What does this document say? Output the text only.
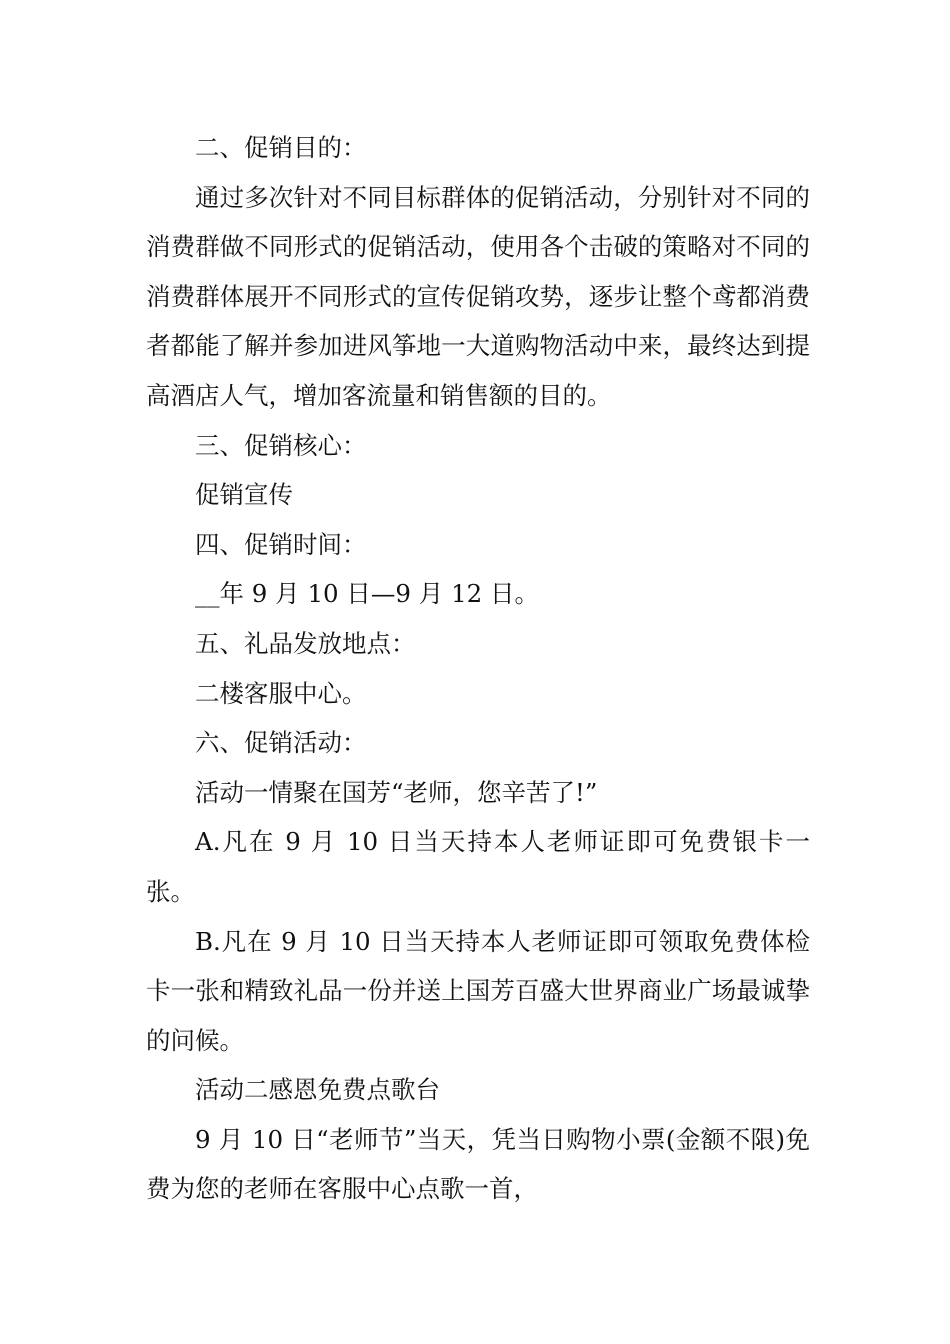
二、促销目的：

通过多次针对不同目标群体的促销活动，分别针对不同的消费群做不同形式的促销活动，使用各个击破的策略对不同的消费群体展开不同形式的宣传促销攻势，逐步让整个鸢都消费者都能了解并参加进风筝地一大道购物活动中来，最终达到提高酒店人气，增加客流量和销售额的目的。

三、促销核心：

促销宣传

四、促销时间：

__年 9 月 10 日—9 月 12 日。

五、礼品发放地点：

二楼客服中心。

六、促销活动：

活动一情聚在国芳“老师，您辛苦了!”

A.凡在 9 月 10 日当天持本人老师证即可免费银卡一张。

B.凡在 9 月 10 日当天持本人老师证即可领取免费体检卡一张和精致礼品一份并送上国芳百盛大世界商业广场最诚挚的问候。

活动二感恩免费点歌台

9 月 10 日“老师节”当天，凭当日购物小票(金额不限)免费为您的老师在客服中心点歌一首，
